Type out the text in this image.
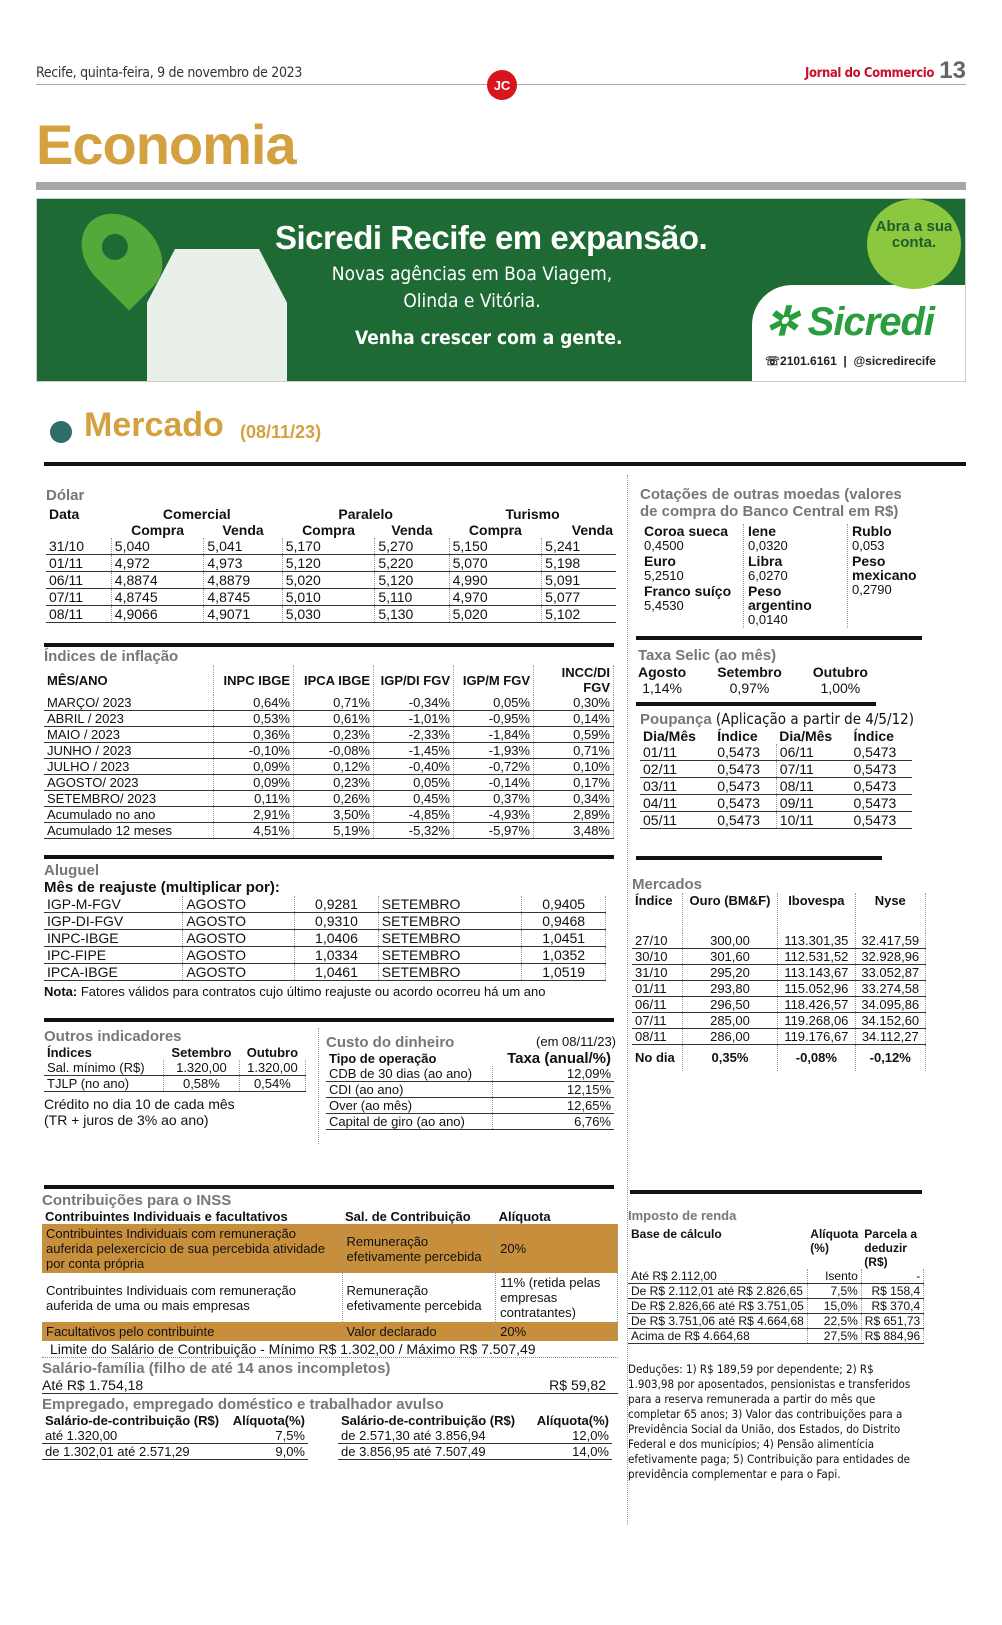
Recife, quinta-feira, 9 de novembro de 2023
JC
Jornal do Commercio 13
Economia
Sicredi Recife em expansão.
Novas agências em Boa Viagem,
Olinda e Vitória.
Venha crescer com a gente.
Abra a sua conta.
✲ Sicredi
☏2101.6161  |  @sicredirecife
Mercado (08/11/23)
Dólar
Data	Comercial		Paralelo		Turismo	
	Compra	Venda	Compra	Venda	Compra	Venda
31/10	5,040	5,041	5,170	5,270	5,150	5,241
01/11	4,972	4,973	5,120	5,220	5,070	5,198
06/11	4,8874	4,8879	5,020	5,120	4,990	5,091
07/11	4,8745	4,8745	5,010	5,110	4,970	5,077
08/11	4,9066	4,9071	5,030	5,130	5,020	5,102
Índices de inflação
MÊS/ANO	INPC IBGE	IPCA IBGE	IGP/DI FGV	IGP/M FGV	INCC/DI FGV
MARÇO/ 2023	0,64%	0,71%	-0,34%	0,05%	0,30%
ABRIL / 2023	0,53%	0,61%	-1,01%	-0,95%	0,14%
MAIO / 2023	0,36%	0,23%	-2,33%	-1,84%	0,59%
JUNHO / 2023	-0,10%	-0,08%	-1,45%	-1,93%	0,71%
JULHO / 2023	0,09%	0,12%	-0,40%	-0,72%	0,10%
AGOSTO/ 2023	0,09%	0,23%	0,05%	-0,14%	0,17%
SETEMBRO/ 2023	0,11%	0,26%	0,45%	0,37%	0,34%
Acumulado no ano	2,91%	3,50%	-4,85%	-4,93%	2,89%
Acumulado 12 meses	4,51%	5,19%	-5,32%	-5,97%	3,48%
Aluguel
Mês de reajuste (multiplicar por):
IGP-M-FGV	AGOSTO	0,9281	SETEMBRO	0,9405
IGP-DI-FGV	AGOSTO	0,9310	SETEMBRO	0,9468
INPC-IBGE	AGOSTO	1,0406	SETEMBRO	1,0451
IPC-FIPE	AGOSTO	1,0334	SETEMBRO	1,0352
IPCA-IBGE	AGOSTO	1,0461	SETEMBRO	1,0519
Nota: Fatores válidos para contratos cujo último reajuste ou acordo ocorreu há um ano
Outros indicadores
Índices	Setembro	Outubro
Sal. mínimo (R$)	1.320,00	1.320,00
TJLP (no ano)	0,58%	0,54%
Crédito no dia 10 de cada mês
(TR + juros de 3% ao ano)
Custo do dinheiro	(em 08/11/23)
Tipo de operação	Taxa (anual/%)
CDB de 30 dias (ao ano)	12,09%
CDI (ao ano)	12,15%
Over (ao mês)	12,65%
Capital de giro (ao ano)	6,76%
Contribuições para o INSS
Contribuintes Individuais e facultativos	Sal. de Contribuição	Alíquota
Contribuintes Individuais com remuneração auferida pelexercício de sua percebida atividade por conta própria	Remuneração efetivamente percebida	20%
Contribuintes Individuais com remuneração auferida de uma ou mais empresas	Remuneração efetivamente percebida	11% (retida pelas empresas contratantes)
Facultativos pelo contribuinte	Valor declarado	20%
Limite do Salário de Contribuição - Mínimo R$ 1.302,00 / Máximo R$ 7.507,49
Salário-família (filho de até 14 anos incompletos)
Até R$ 1.754,18	R$ 59,82
Empregado, empregado doméstico e trabalhador avulso
Salário-de-contribuição (R$)	Alíquota(%)
até 1.320,00	7,5%
de 1.302,01 até 2.571,29	9,0%
Salário-de-contribuição (R$)	Alíquota(%)
de 2.571,30 até 3.856,94	12,0%
de 3.856,95 até 7.507,49	14,0%
Cotações de outras moedas (valores
de compra do Banco Central em R$)
Coroa sueca
0,4500
Euro
5,2510
Franco suíço
5,4530
Iene
0,0320
Libra
6,0270
Peso argentino
0,0140
Rublo
0,053
Peso mexicano
0,2790
Taxa Selic (ao mês)
Agosto
1,14%
Setembro
0,97%
Outubro
1,00%
Poupança (Aplicação a partir de 4/5/12)
Dia/Mês	Índice	Dia/Mês	Índice
01/11	0,5473	06/11	0,5473
02/11	0,5473	07/11	0,5473
03/11	0,5473	08/11	0,5473
04/11	0,5473	09/11	0,5473
05/11	0,5473	10/11	0,5473
Mercados
Índice	Ouro (BM&F)	Ibovespa	Nyse
27/10	300,00	113.301,35	32.417,59
30/10	301,60	112.531,52	32.928,96
31/10	295,20	113.143,67	33.052,87
01/11	293,80	115.052,96	33.274,58
06/11	296,50	118.426,57	34.095,86
07/11	285,00	119.268,06	34.152,60
08/11	286,00	119.176,67	34.112,27
No dia	0,35%	-0,08%	-0,12%
Imposto de renda
Base de cálculo	Alíquota (%)	Parcela a deduzir (R$)
Até R$ 2.112,00	Isento	-
De R$ 2.112,01 até R$ 2.826,65	7,5%	R$ 158,4
De R$ 2.826,66 até R$ 3.751,05	15,0%	R$ 370,4
De R$ 3.751,06 até R$ 4.664,68	22,5%	R$ 651,73
Acima de R$ 4.664,68	27,5%	R$ 884,96
Deduções: 1) R$ 189,59 por dependente; 2) R$ 1.903,98 por aposentados, pensionistas e transferidos para a reserva remunerada a partir do mês que completar 65 anos; 3) Valor das contribuições para a Previdência Social da União, dos Estados, do Distrito Federal e dos municípios; 4) Pensão alimentícia efetivamente paga; 5) Contribuição para entidades de previdência complementar e para o Fapi.
